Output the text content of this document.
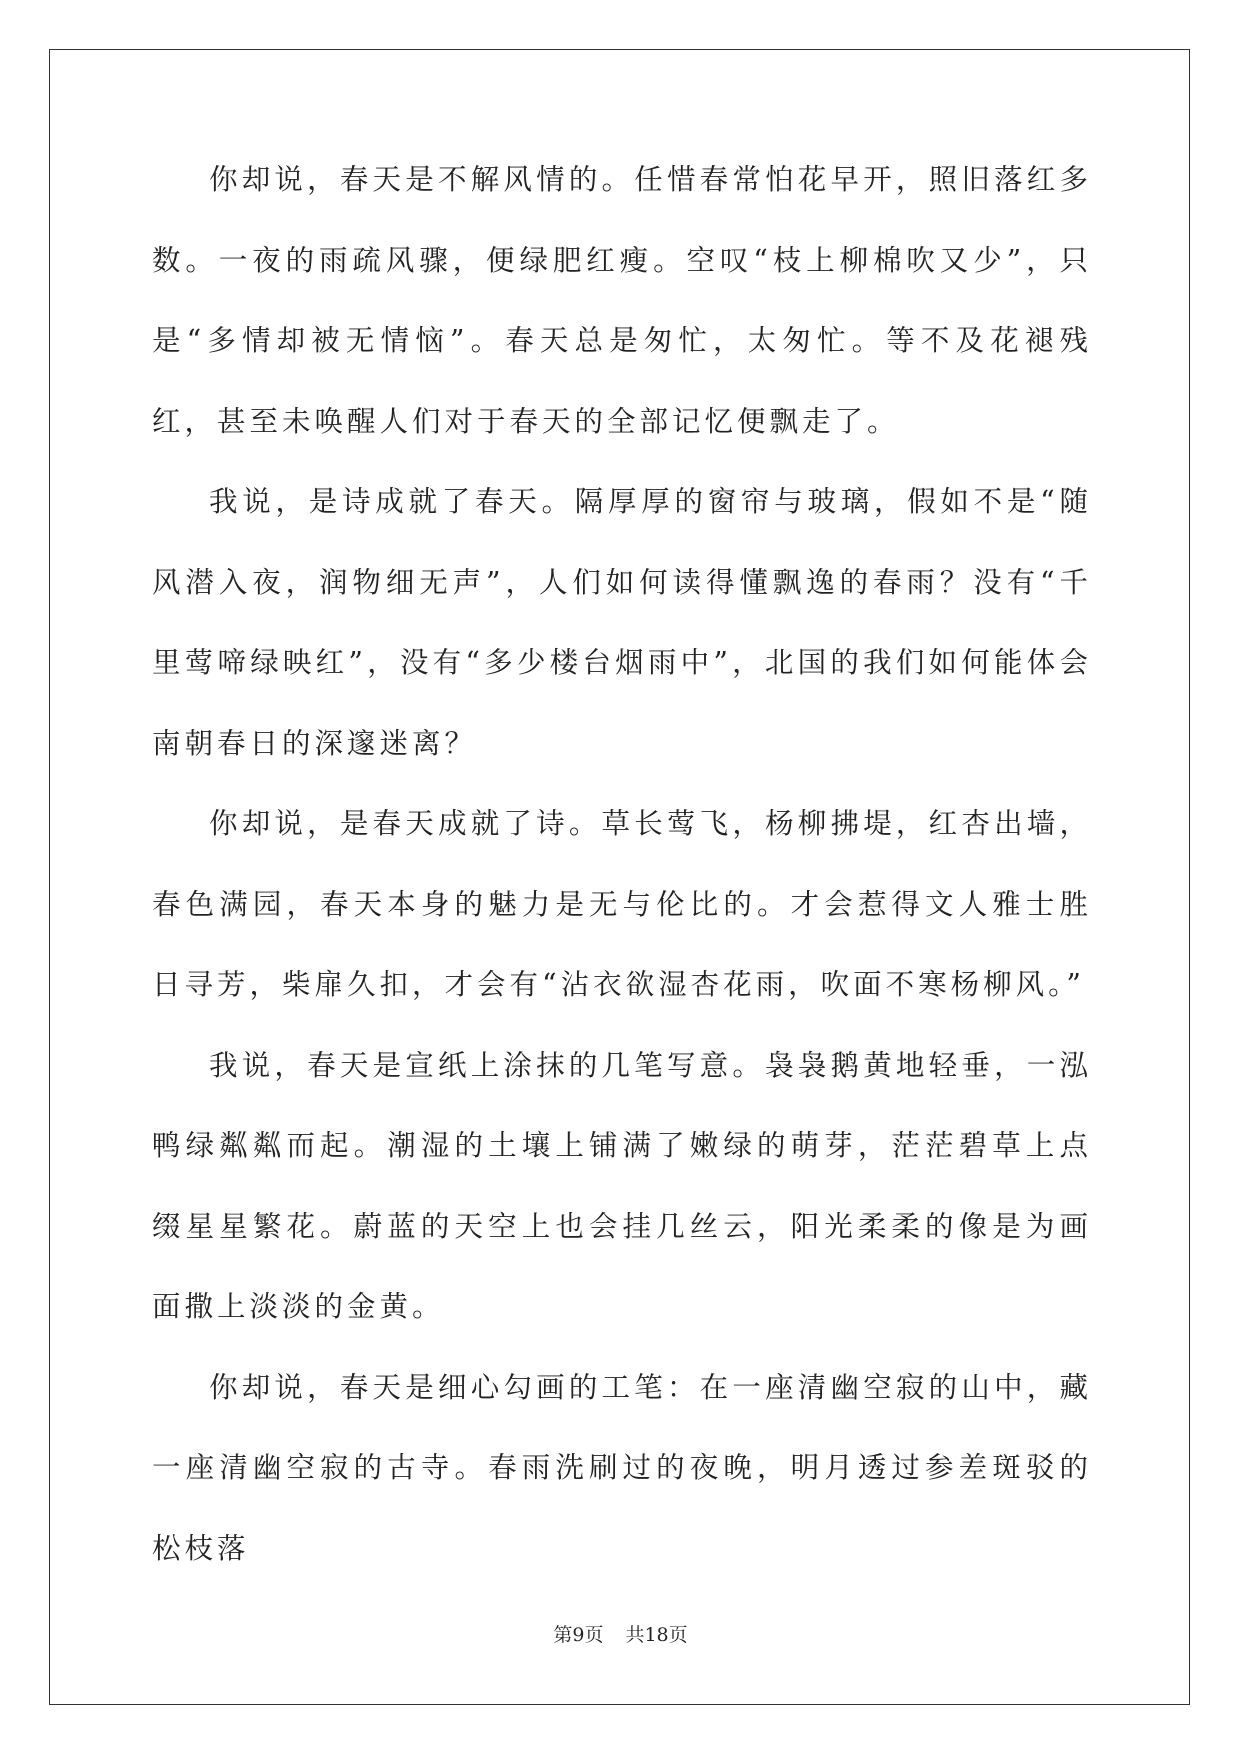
你却说，春天是不解风情的。任惜春常怕花早开，照旧落红多数。一夜的雨疏风骤，便绿肥红瘦。空叹“枝上柳棉吹又少”，只是“多情却被无情恼”。春天总是匆忙，太匆忙。等不及花褪残红，甚至未唤醒人们对于春天的全部记忆便飘走了。

我说，是诗成就了春天。隔厚厚的窗帘与玻璃，假如不是“随风潜入夜，润物细无声”，人们如何读得懂飘逸的春雨？没有“千里莺啼绿映红”，没有“多少楼台烟雨中”，北国的我们如何能体会南朝春日的深邃迷离？

你却说，是春天成就了诗。草长莺飞，杨柳拂堤，红杏出墙，春色满园，春天本身的魅力是无与伦比的。才会惹得文人雅士胜日寻芳，柴扉久扣，才会有“沾衣欲湿杏花雨，吹面不寒杨柳风。”

我说，春天是宣纸上涂抹的几笔写意。袅袅鹅黄地轻垂，一泓鸭绿粼粼而起。潮湿的土壤上铺满了嫩绿的萌芽，茫茫碧草上点缀星星繁花。蔚蓝的天空上也会挂几丝云，阳光柔柔的像是为画面撒上淡淡的金黄。

你却说，春天是细心勾画的工笔：在一座清幽空寂的山中，藏一座清幽空寂的古寺。春雨洗刷过的夜晚，明月透过参差斑驳的松枝落

第9页 共18页
